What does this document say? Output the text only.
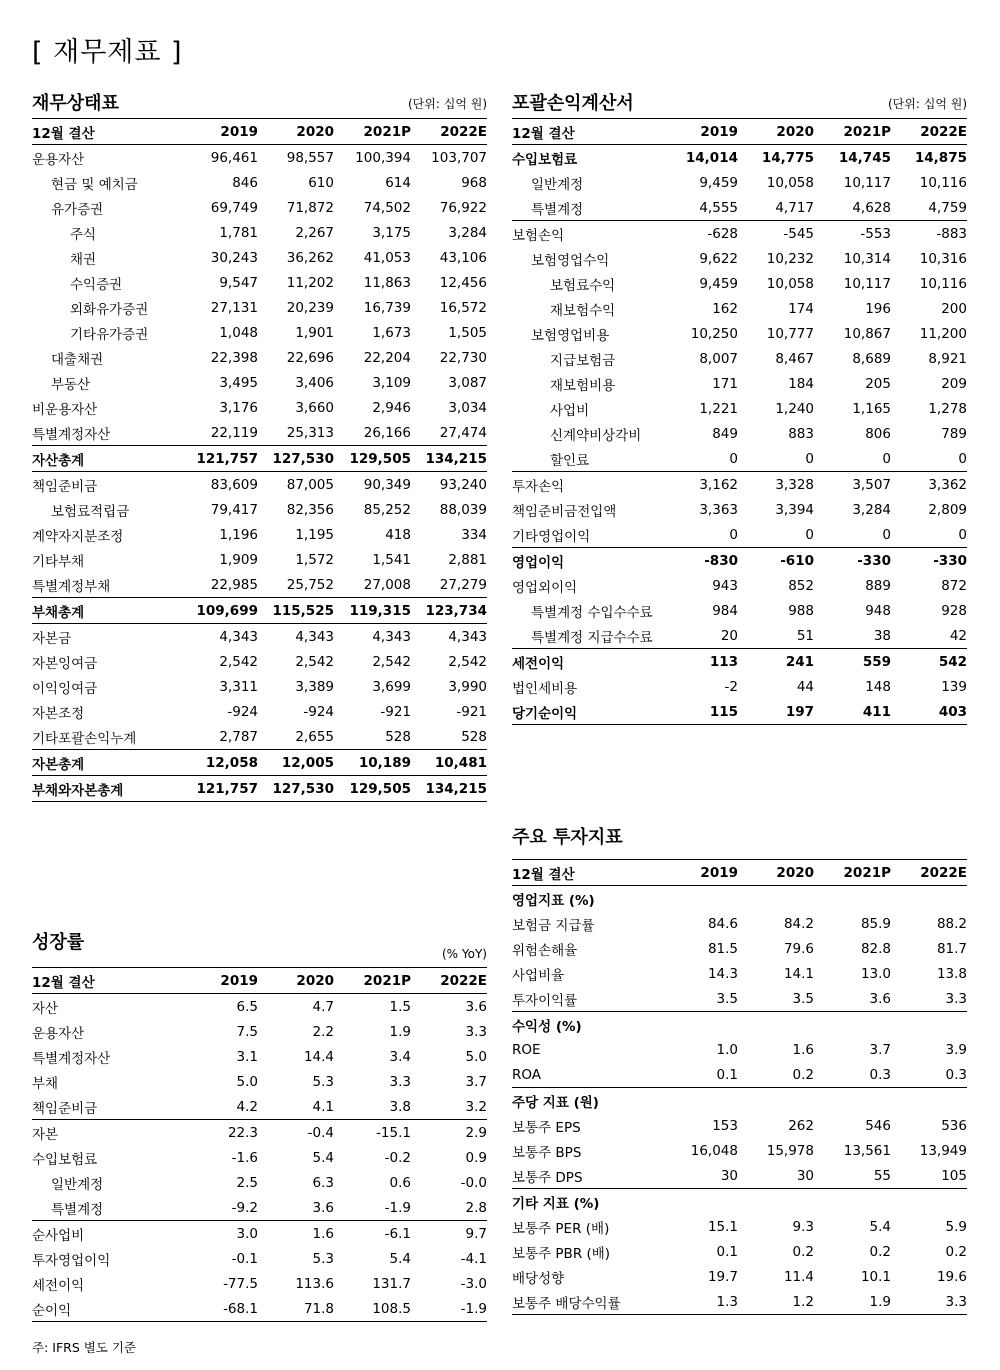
[ 재무제표 ]
재무상태표	(단위: 십억 원)
12월 결산	2019	2020	2021P	2022E
운용자산	96,461	98,557	100,394	103,707
현금 및 예치금	846	610	614	968
유가증권	69,749	71,872	74,502	76,922
주식	1,781	2,267	3,175	3,284
채권	30,243	36,262	41,053	43,106
수익증권	9,547	11,202	11,863	12,456
외화유가증권	27,131	20,239	16,739	16,572
기타유가증권	1,048	1,901	1,673	1,505
대출채권	22,398	22,696	22,204	22,730
부동산	3,495	3,406	3,109	3,087
비운용자산	3,176	3,660	2,946	3,034
특별계정자산	22,119	25,313	26,166	27,474
자산총계	121,757	127,530	129,505	134,215
책임준비금	83,609	87,005	90,349	93,240
보험료적립금	79,417	82,356	85,252	88,039
계약자지분조정	1,196	1,195	418	334
기타부채	1,909	1,572	1,541	2,881
특별계정부채	22,985	25,752	27,008	27,279
부채총계	109,699	115,525	119,315	123,734
자본금	4,343	4,343	4,343	4,343
자본잉여금	2,542	2,542	2,542	2,542
이익잉여금	3,311	3,389	3,699	3,990
자본조정	-924	-924	-921	-921
기타포괄손익누계	2,787	2,655	528	528
자본총계	12,058	12,005	10,189	10,481
부채와자본총계	121,757	127,530	129,505	134,215
포괄손익계산서	(단위: 십억 원)
12월 결산	2019	2020	2021P	2022E
수입보험료	14,014	14,775	14,745	14,875
일반계정	9,459	10,058	10,117	10,116
특별계정	4,555	4,717	4,628	4,759
보험손익	-628	-545	-553	-883
보험영업수익	9,622	10,232	10,314	10,316
보험료수익	9,459	10,058	10,117	10,116
재보험수익	162	174	196	200
보험영업비용	10,250	10,777	10,867	11,200
지급보험금	8,007	8,467	8,689	8,921
재보험비용	171	184	205	209
사업비	1,221	1,240	1,165	1,278
신계약비상각비	849	883	806	789
할인료	0	0	0	0
투자손익	3,162	3,328	3,507	3,362
책임준비금전입액	3,363	3,394	3,284	2,809
기타영업이익	0	0	0	0
영업이익	-830	-610	-330	-330
영업외이익	943	852	889	872
특별계정 수입수수료	984	988	948	928
특별계정 지급수수료	20	51	38	42
세전이익	113	241	559	542
법인세비용	-2	44	148	139
당기순이익	115	197	411	403
성장률
(% YoY)
12월 결산	2019	2020	2021P	2022E
자산	6.5	4.7	1.5	3.6
운용자산	7.5	2.2	1.9	3.3
특별계정자산	3.1	14.4	3.4	5.0
부채	5.0	5.3	3.3	3.7
책임준비금	4.2	4.1	3.8	3.2
자본	22.3	-0.4	-15.1	2.9
수입보험료	-1.6	5.4	-0.2	0.9
일반계정	2.5	6.3	0.6	-0.0
특별계정	-9.2	3.6	-1.9	2.8
순사업비	3.0	1.6	-6.1	9.7
투자영업이익	-0.1	5.3	5.4	-4.1
세전이익	-77.5	113.6	131.7	-3.0
순이익	-68.1	71.8	108.5	-1.9
주요 투자지표
12월 결산	2019	2020	2021P	2022E
영업지표 (%)				
보험금 지급률	84.6	84.2	85.9	88.2
위험손해율	81.5	79.6	82.8	81.7
사업비율	14.3	14.1	13.0	13.8
투자이익률	3.5	3.5	3.6	3.3
수익성 (%)				
ROE	1.0	1.6	3.7	3.9
ROA	0.1	0.2	0.3	0.3
주당 지표 (원)				
보통주 EPS	153	262	546	536
보통주 BPS	16,048	15,978	13,561	13,949
보통주 DPS	30	30	55	105
기타 지표 (%)				
보통주 PER (배)	15.1	9.3	5.4	5.9
보통주 PBR (배)	0.1	0.2	0.2	0.2
배당성향	19.7	11.4	10.1	19.6
보통주 배당수익률	1.3	1.2	1.9	3.3
주: IFRS 별도 기준
